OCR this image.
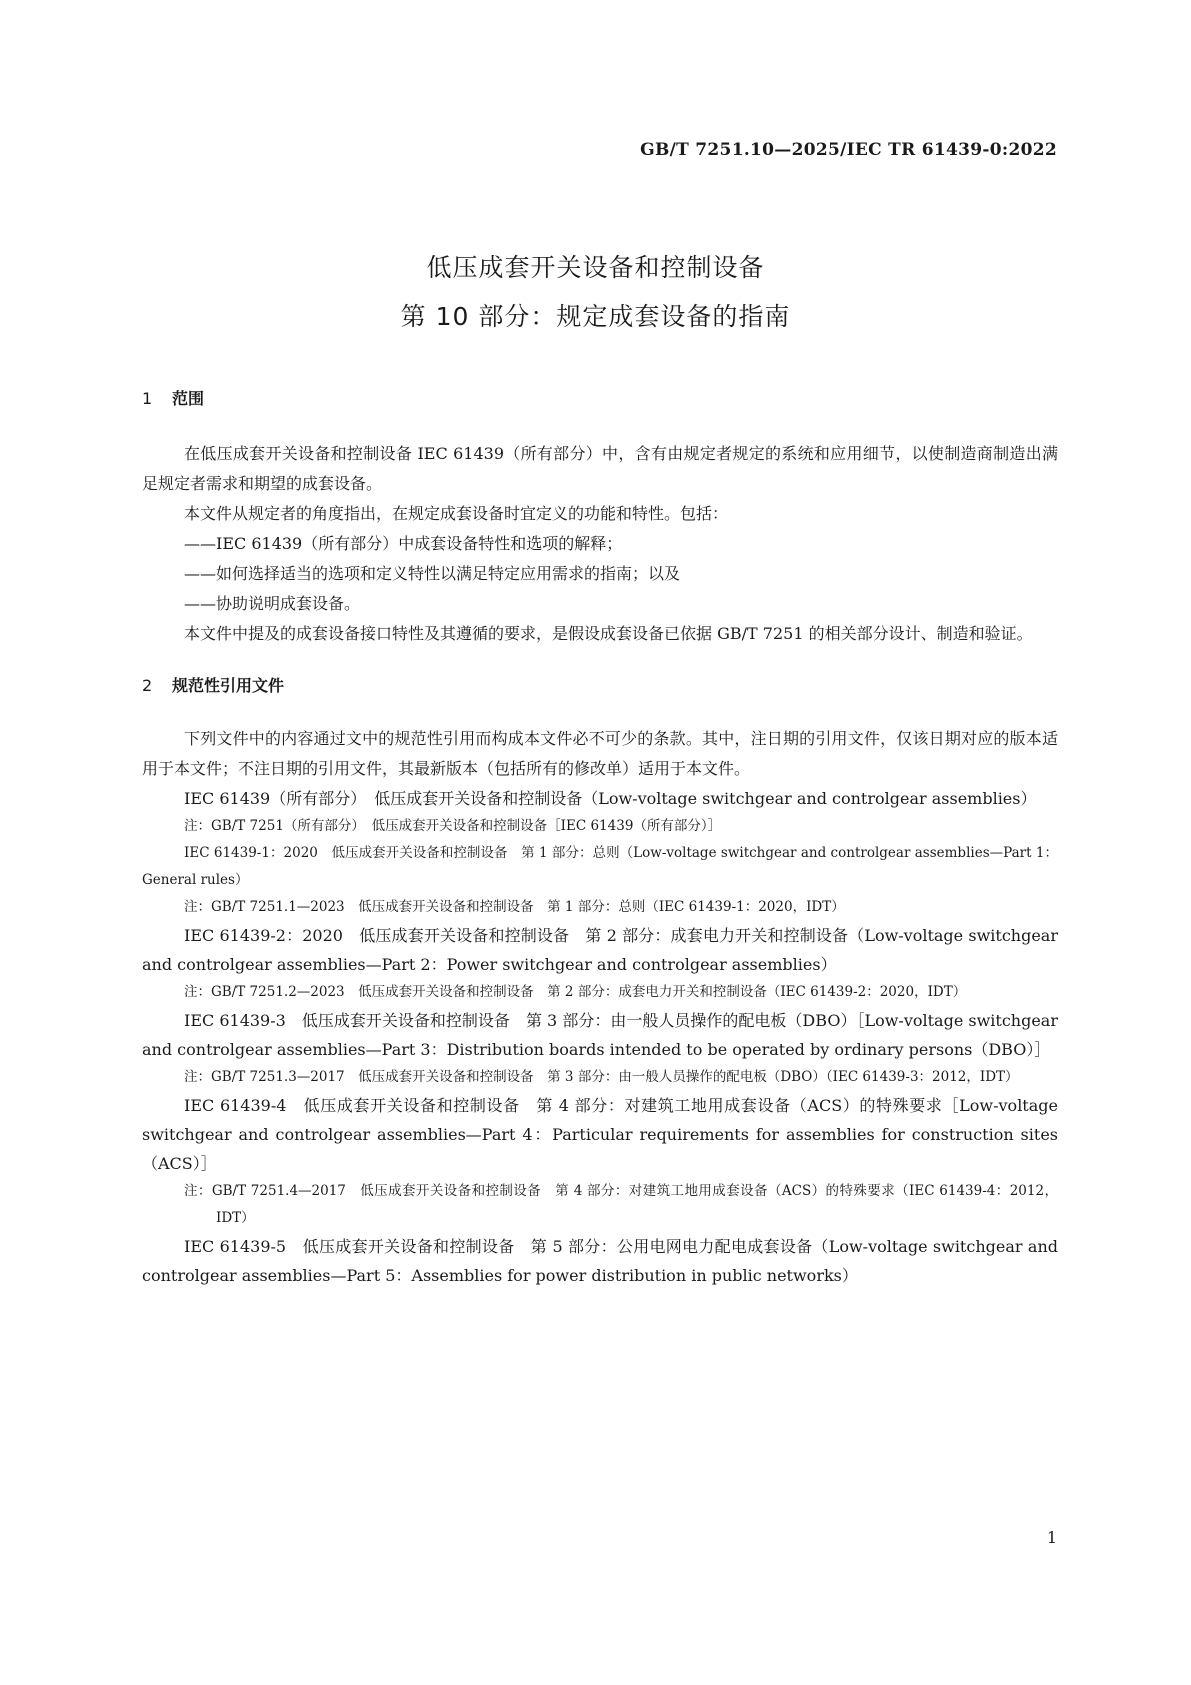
GB/T 7251.10—2025/IEC TR 61439-0:2022
低压成套开关设备和控制设备
第 10 部分：规定成套设备的指南
1 范围

在低压成套开关设备和控制设备 IEC 61439（所有部分）中，含有由规定者规定的系统和应用细节，以使制造商制造出满足规定者需求和期望的成套设备。

本文件从规定者的角度指出，在规定成套设备时宜定义的功能和特性。包括：

——IEC 61439（所有部分）中成套设备特性和选项的解释；

——如何选择适当的选项和定义特性以满足特定应用需求的指南；以及

——协助说明成套设备。

本文件中提及的成套设备接口特性及其遵循的要求，是假设成套设备已依据 GB/T 7251 的相关部分设计、制造和验证。

2 规范性引用文件

下列文件中的内容通过文中的规范性引用而构成本文件必不可少的条款。其中，注日期的引用文件，仅该日期对应的版本适用于本文件；不注日期的引用文件，其最新版本（包括所有的修改单）适用于本文件。

IEC 61439（所有部分）　低压成套开关设备和控制设备（Low-voltage switchgear and controlgear assemblies）

注：GB/T 7251（所有部分）　低压成套开关设备和控制设备［IEC 61439（所有部分）］

IEC 61439-1：2020　低压成套开关设备和控制设备　第 1 部分：总则（Low-voltage switchgear and controlgear assemblies—Part 1：General rules）

注：GB/T 7251.1—2023　低压成套开关设备和控制设备　第 1 部分：总则（IEC 61439-1：2020，IDT）

IEC 61439-2：2020　低压成套开关设备和控制设备　第 2 部分：成套电力开关和控制设备（Low-voltage switchgear and controlgear assemblies—Part 2：Power switchgear and controlgear assemblies）

注：GB/T 7251.2—2023　低压成套开关设备和控制设备　第 2 部分：成套电力开关和控制设备（IEC 61439-2：2020，IDT）

IEC 61439-3　低压成套开关设备和控制设备　第 3 部分：由一般人员操作的配电板（DBO）［Low-voltage switchgear and controlgear assemblies—Part 3：Distribution boards intended to be operated by ordinary persons（DBO）］

注：GB/T 7251.3—2017　低压成套开关设备和控制设备　第 3 部分：由一般人员操作的配电板（DBO）（IEC 61439-3：2012，IDT）

IEC 61439-4　低压成套开关设备和控制设备　第 4 部分：对建筑工地用成套设备（ACS）的特殊要求［Low-voltage switchgear and controlgear assemblies—Part 4：Particular requirements for assemblies for construction sites（ACS）］

注：GB/T 7251.4—2017　低压成套开关设备和控制设备　第 4 部分：对建筑工地用成套设备（ACS）的特殊要求（IEC 61439-4：2012，IDT）

IEC 61439-5　低压成套开关设备和控制设备　第 5 部分：公用电网电力配电成套设备（Low-voltage switchgear and controlgear assemblies—Part 5：Assemblies for power distribution in public networks）

1
